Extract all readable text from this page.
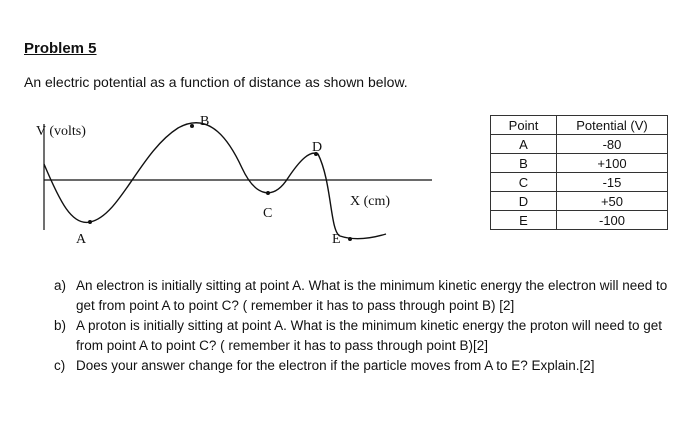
Problem 5
An electric potential as a function of distance as shown below.
V (volts)
X (cm)
A
B
C
D
E
Point	Potential (V)
A	-80
B	+100
C	-15
D	+50
E	-100
a) An electron is initially sitting at point A. What is the minimum kinetic energy the electron will need to get from point A to point C? ( remember it has to pass through point B) [2]
b) A proton is initially sitting at point A. What is the minimum kinetic energy the proton will need to get from point A to point C? ( remember it has to pass through point B)[2]
c) Does your answer change for the electron if the particle moves from A to E? Explain.[2]
